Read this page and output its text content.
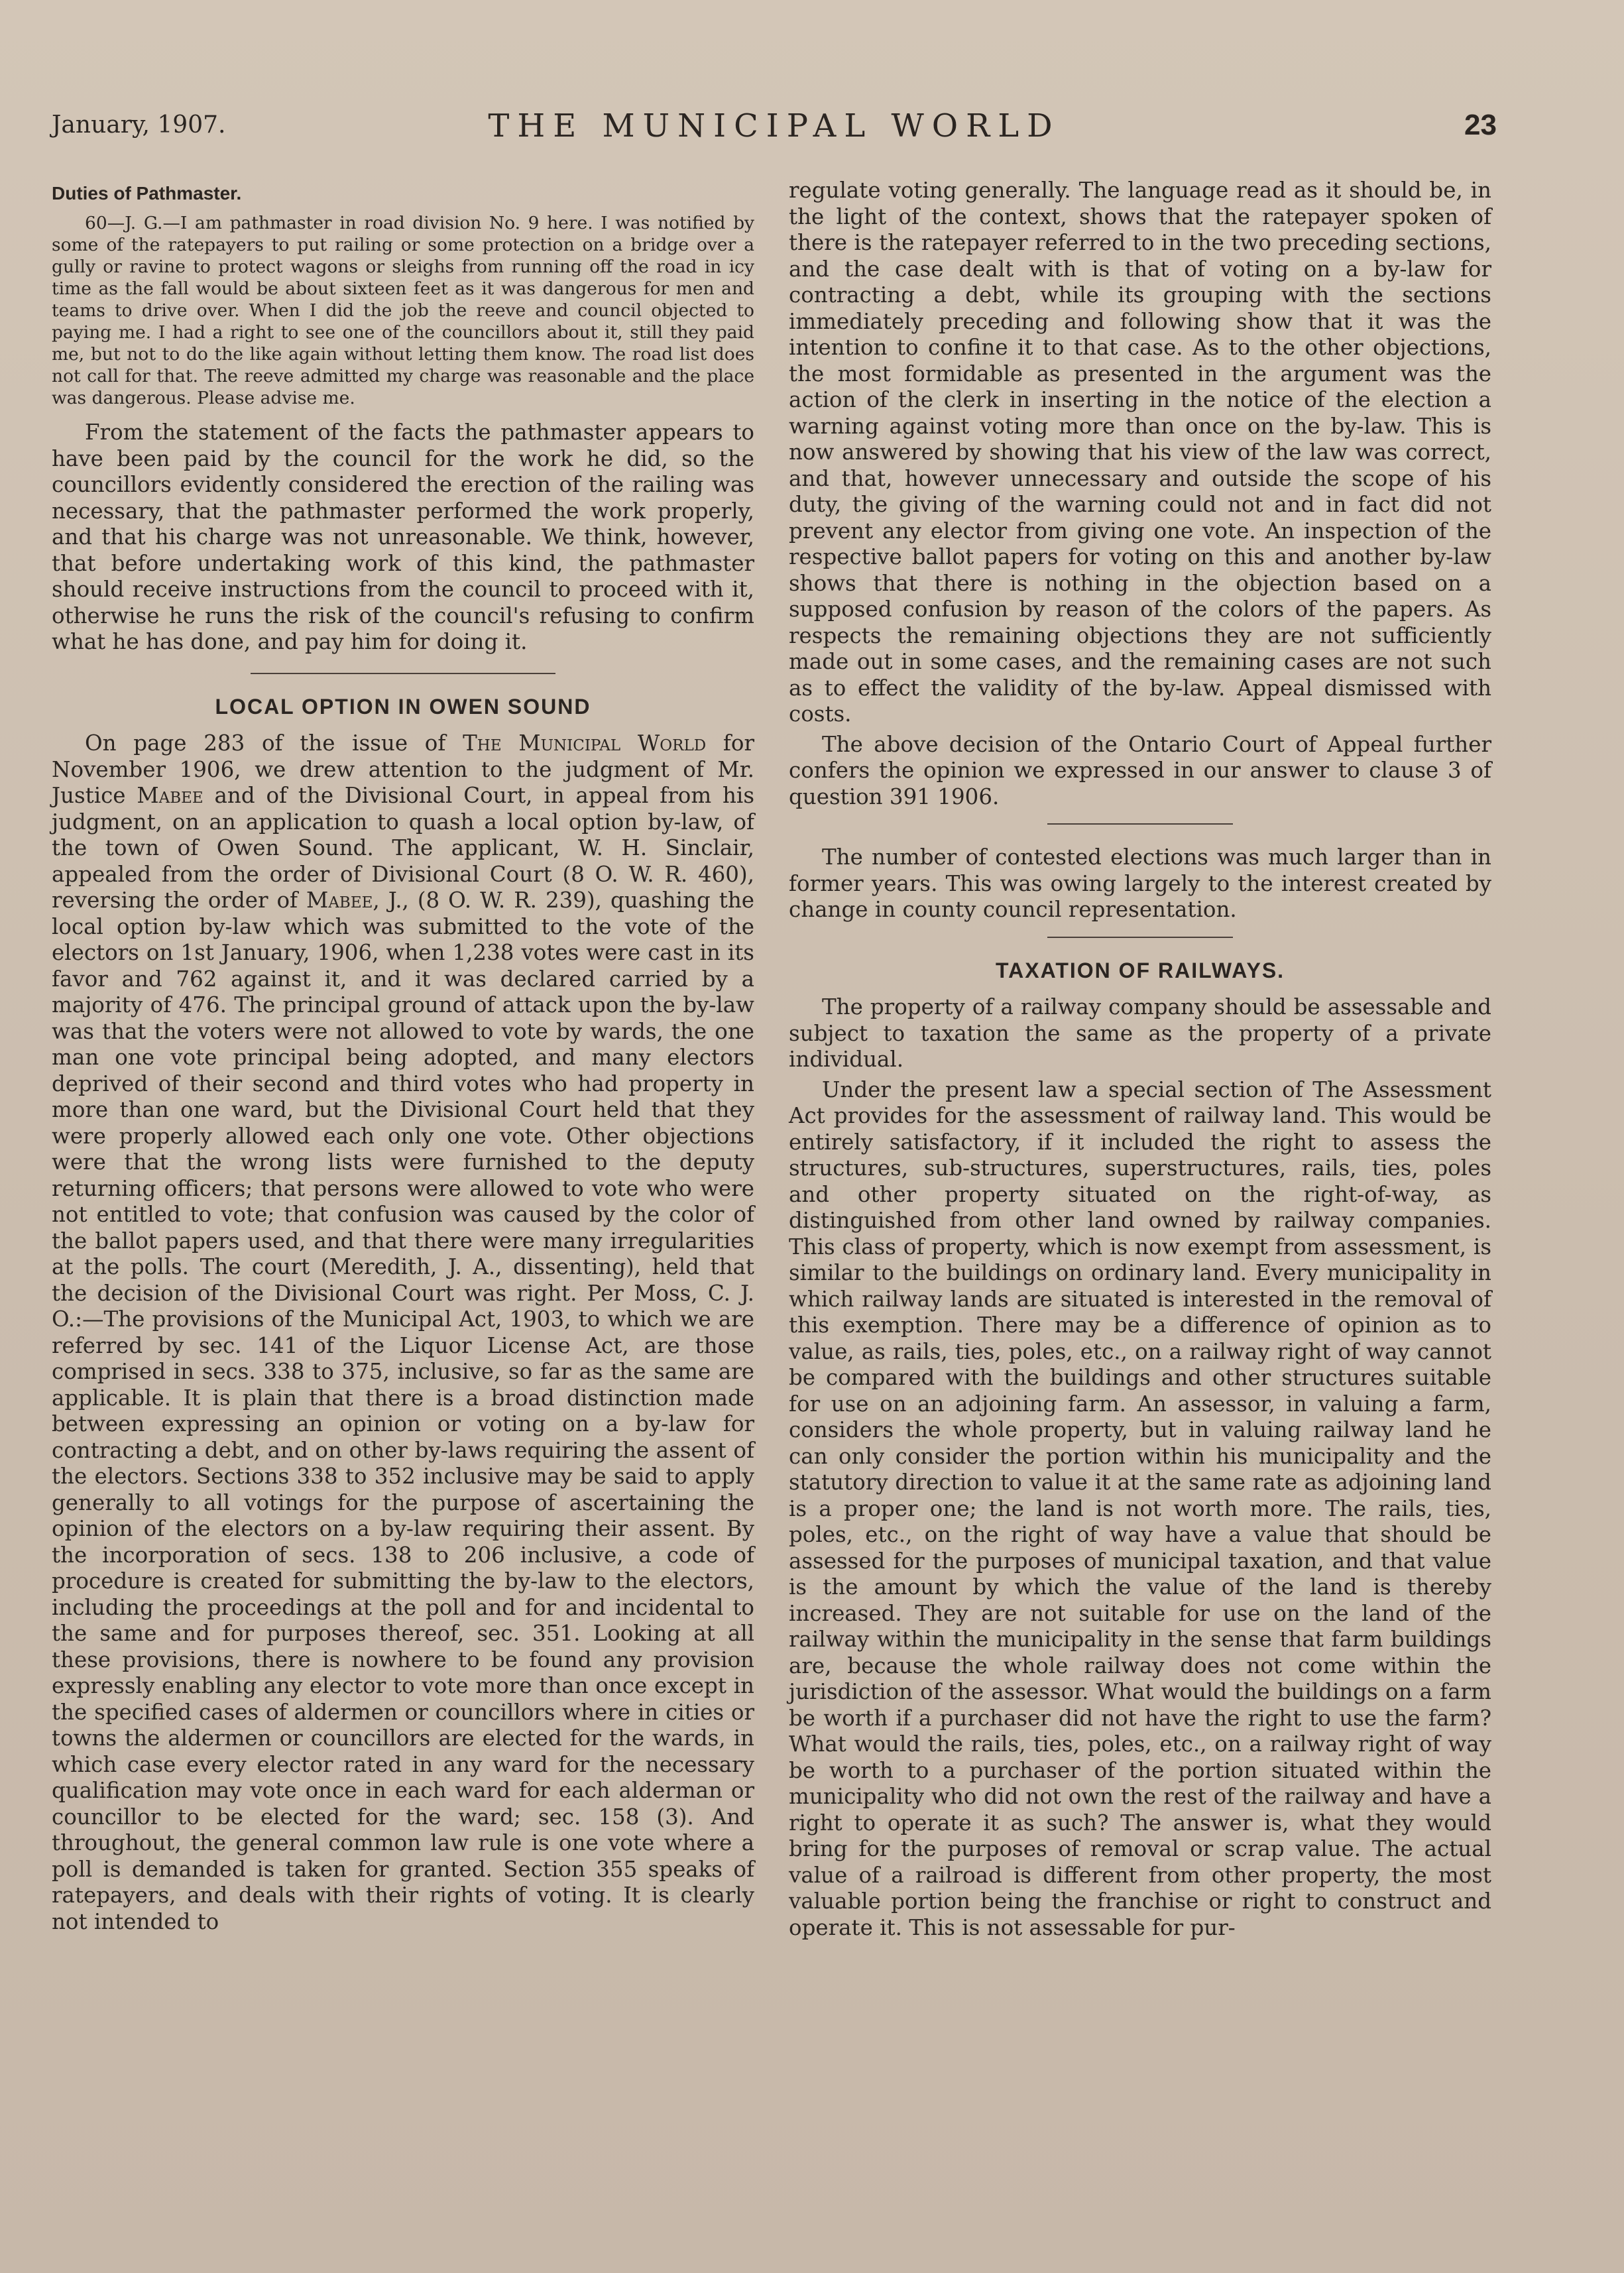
January, 1907.	THE MUNICIPAL WORLD	23
Duties of Pathmaster.

60—J. G.—I am pathmaster in road division No. 9 here. I was notified by some of the ratepayers to put railing or some protection on a bridge over a gully or ravine to protect wagons or sleighs from running off the road in icy time as the fall would be about sixteen feet as it was dangerous for men and teams to drive over. When I did the job the reeve and council objected to paying me. I had a right to see one of the councillors about it, still they paid me, but not to do the like again without letting them know. The road list does not call for that. The reeve admitted my charge was reasonable and the place was dangerous. Please advise me.

From the statement of the facts the pathmaster appears to have been paid by the council for the work he did, so the councillors evidently considered the erection of the railing was necessary, that the pathmaster performed the work properly, and that his charge was not unreasonable. We think, however, that before undertaking work of this kind, the pathmaster should receive instructions from the council to proceed with it, otherwise he runs the risk of the council's refusing to confirm what he has done, and pay him for doing it.

LOCAL OPTION IN OWEN SOUND

On page 283 of the issue of The Municipal World for November 1906, we drew attention to the judgment of Mr. Justice Mabee and of the Divisional Court, in appeal from his judgment, on an application to quash a local option by-law, of the town of Owen Sound. The applicant, W. H. Sinclair, appealed from the order of Divisional Court (8 O. W. R. 460), reversing the order of Mabee, J., (8 O. W. R. 239), quashing the local option by-law which was submitted to the vote of the electors on 1st January, 1906, when 1,238 votes were cast in its favor and 762 against it, and it was declared carried by a majority of 476. The principal ground of attack upon the by-law was that the voters were not allowed to vote by wards, the one man one vote principal being adopted, and many electors deprived of their second and third votes who had property in more than one ward, but the Divisional Court held that they were properly allowed each only one vote. Other objections were that the wrong lists were furnished to the deputy returning officers; that persons were allowed to vote who were not entitled to vote; that confusion was caused by the color of the ballot papers used, and that there were many irregularities at the polls. The court (Meredith, J. A., dissenting), held that the decision of the Divisional Court was right. Per Moss, C. J. O.:—The provisions of the Municipal Act, 1903, to which we are referred by sec. 141 of the Liquor License Act, are those comprised in secs. 338 to 375, inclusive, so far as the same are applicable. It is plain that there is a broad distinction made between expressing an opinion or voting on a by-law for contracting a debt, and on other by-laws requiring the assent of the electors. Sections 338 to 352 inclusive may be said to apply generally to all votings for the purpose of ascertaining the opinion of the electors on a by-law requiring their assent. By the incorporation of secs. 138 to 206 inclusive, a code of procedure is created for submitting the by-law to the electors, including the proceedings at the poll and for and incidental to the same and for purposes thereof, sec. 351. Looking at all these provisions, there is nowhere to be found any provision expressly enabling any elector to vote more than once except in the specified cases of aldermen or councillors where in cities or towns the aldermen or councillors are elected for the wards, in which case every elector rated in any ward for the necessary qualification may vote once in each ward for each alderman or councillor to be elected for the ward; sec. 158 (3). And throughout, the general common law rule is one vote where a poll is demanded is taken for granted. Section 355 speaks of ratepayers, and deals with their rights of voting. It is clearly not intended to

regulate voting generally. The language read as it should be, in the light of the context, shows that the ratepayer spoken of there is the ratepayer referred to in the two preceding sections, and the case dealt with is that of voting on a by-law for contracting a debt, while its grouping with the sections immediately preceding and following show that it was the intention to confine it to that case. As to the other objections, the most formidable as presented in the argument was the action of the clerk in inserting in the notice of the election a warning against voting more than once on the by-law. This is now answered by showing that his view of the law was correct, and that, however unnecessary and outside the scope of his duty, the giving of the warning could not and in fact did not prevent any elector from giving one vote. An inspection of the respective ballot papers for voting on this and another by-law shows that there is nothing in the objection based on a supposed confusion by reason of the colors of the papers. As respects the remaining objections they are not sufficiently made out in some cases, and the remaining cases are not such as to effect the validity of the by-law. Appeal dismissed with costs.

The above decision of the Ontario Court of Appeal further confers the opinion we expressed in our answer to clause 3 of question 391 1906.

The number of contested elections was much larger than in former years. This was owing largely to the interest created by change in county council representation.

TAXATION OF RAILWAYS.

The property of a railway company should be assessable and subject to taxation the same as the property of a private individual.

Under the present law a special section of The Assessment Act provides for the assessment of railway land. This would be entirely satisfactory, if it included the right to assess the structures, sub-structures, superstructures, rails, ties, poles and other property situated on the right-of-way, as distinguished from other land owned by railway companies. This class of property, which is now exempt from assessment, is similar to the buildings on ordinary land. Every municipality in which railway lands are situated is interested in the removal of this exemption. There may be a difference of opinion as to value, as rails, ties, poles, etc., on a railway right of way cannot be compared with the buildings and other structures suitable for use on an adjoining farm. An assessor, in valuing a farm, considers the whole property, but in valuing railway land he can only consider the portion within his municipality and the statutory direction to value it at the same rate as adjoining land is a proper one; the land is not worth more. The rails, ties, poles, etc., on the right of way have a value that should be assessed for the purposes of municipal taxation, and that value is the amount by which the value of the land is thereby increased. They are not suitable for use on the land of the railway within the municipality in the sense that farm buildings are, because the whole railway does not come within the jurisdiction of the assessor. What would the buildings on a farm be worth if a purchaser did not have the right to use the farm? What would the rails, ties, poles, etc., on a railway right of way be worth to a purchaser of the portion situated within the municipality who did not own the rest of the railway and have a right to operate it as such? The answer is, what they would bring for the purposes of removal or scrap value. The actual value of a railroad is different from other property, the most valuable portion being the franchise or right to construct and operate it. This is not assessable for pur-
